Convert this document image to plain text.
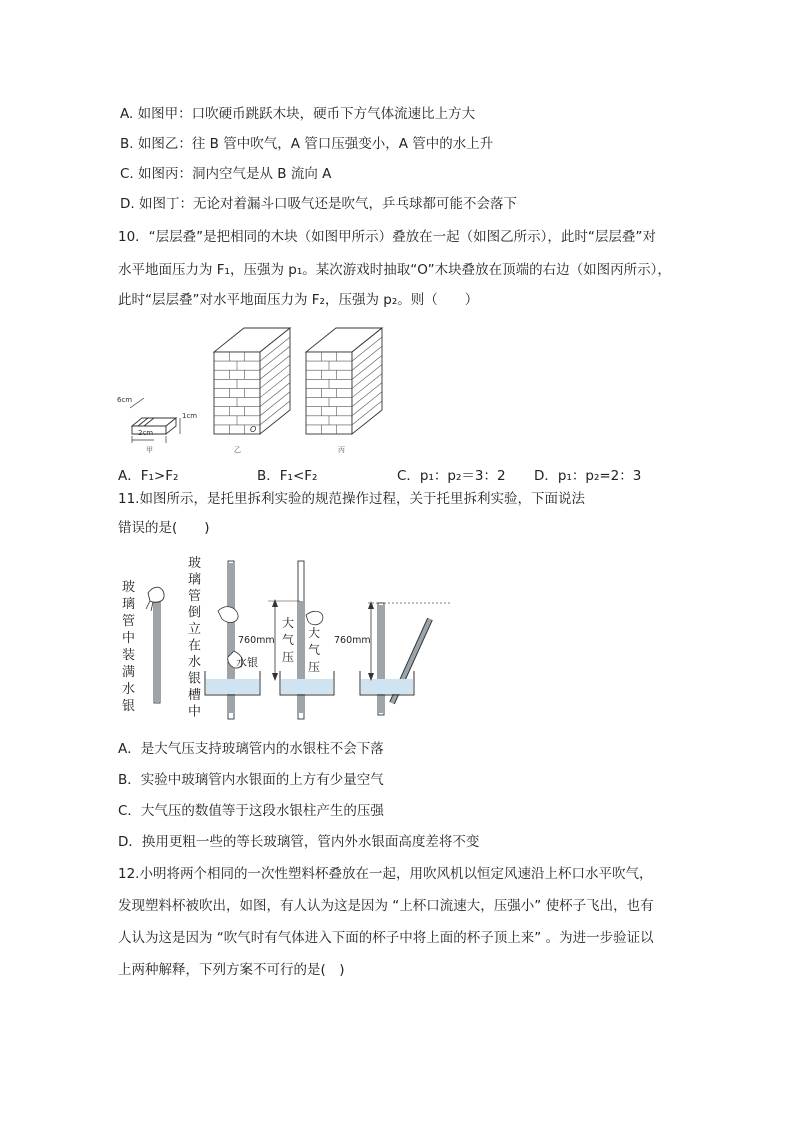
A. 如图甲：口吹硬币跳跃木块，硬币下方气体流速比上方大
B. 如图乙：往 B 管中吹气，A 管口压强变小，A 管中的水上升
C. 如图丙：洞内空气是从 B 流向 A
D. 如图丁：无论对着漏斗口吸气还是吹气，乒乓球都可能不会落下
10．“层层叠”是把相同的木块（如图甲所示）叠放在一起（如图乙所示），此时“层层叠”对
水平地面压力为 F₁，压强为 p₁。某次游戏时抽取“O”木块叠放在顶端的右边（如图丙所示），
此时“层层叠”对水平地面压力为 F₂，压强为 p₂。则（　　）
6cm
2cm
1cm
甲
O
乙	丙
A．F₁>F₂	B．F₁<F₂	C．p₁：p₂＝3：2 D．p₁：p₂=2：3
11.如图所示，是托里拆利实验的规范操作过程，关于托里拆利实验，下面说法
错误的是(　　)
玻
璃
管
中
装
满
水
银
玻
璃
管
倒
立
在
水
银
槽
中
水银
760mm
大
气
压
大
气
压
760mm
A．是大气压支持玻璃管内的水银柱不会下落
B．实验中玻璃管内水银面的上方有少量空气
C．大气压的数值等于这段水银柱产生的压强
D．换用更粗一些的等长玻璃管，管内外水银面高度差将不变
12.小明将两个相同的一次性塑料杯叠放在一起，用吹风机以恒定风速沿上杯口水平吹气，
发现塑料杯被吹出，如图，有人认为这是因为 “上杯口流速大，压强小” 使杯子飞出，也有
人认为这是因为 “吹气时有气体进入下面的杯子中将上面的杯子顶上来” 。为进一步验证以
上两种解释，下列方案不可行的是(　)
